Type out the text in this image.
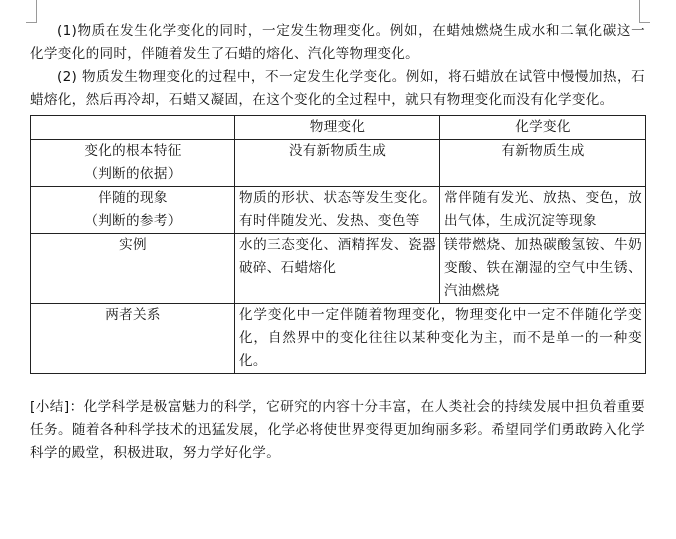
(1)物质在发生化学变化的同时，一定发生物理变化。例如，在蜡烛燃烧生成水和二氧化碳这一化学变化的同时，伴随着发生了石蜡的熔化、汽化等物理变化。

(2) 物质发生物理变化的过程中，不一定发生化学变化。例如，将石蜡放在试管中慢慢加热，石蜡熔化，然后再冷却，石蜡又凝固，在这个变化的全过程中，就只有物理变化而没有化学变化。

	物理变化	化学变化

变化的根本特征
（判断的依据）	没有新物质生成	有新物质生成

伴随的现象
（判断的参考）	物质的形状、状态等发生变化。有时伴随发光、发热、变色等	常伴随有发光、放热、变色，放出气体，生成沉淀等现象

实例	水的三态变化、酒精挥发、瓷器破碎、石蜡熔化	镁带燃烧、加热碳酸氢铵、牛奶变酸、铁在潮湿的空气中生锈、汽油燃烧

两者关系	化学变化中一定伴随着物理变化，物理变化中一定不伴随化学变化，自然界中的变化往往以某种变化为主，而不是单一的一种变化。	

[小结]：化学科学是极富魅力的科学，它研究的内容十分丰富，在人类社会的持续发展中担负着重要任务。随着各种科学技术的迅猛发展，化学必将使世界变得更加绚丽多彩。希望同学们勇敢跨入化学科学的殿堂，积极进取，努力学好化学。
